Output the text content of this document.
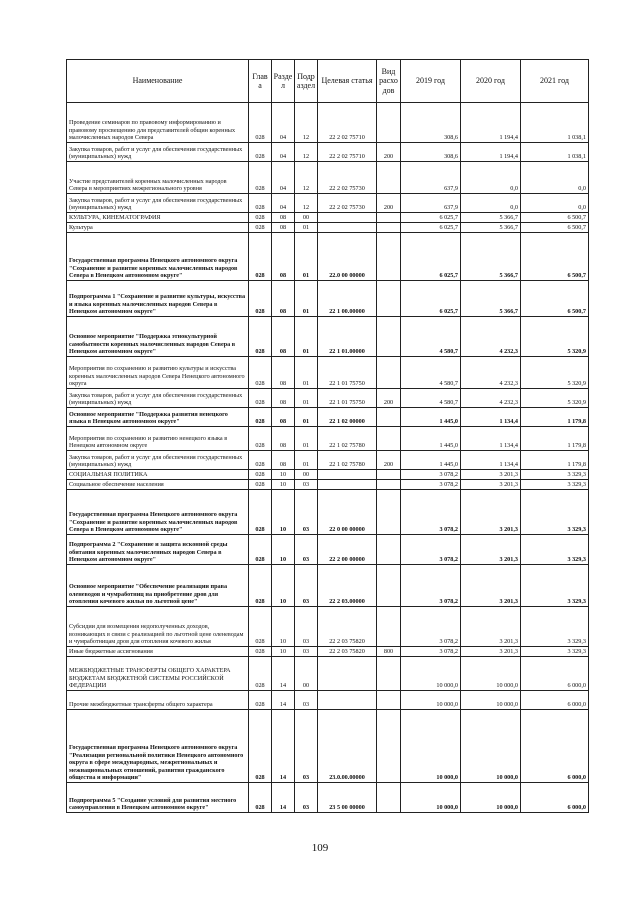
Наименование	Глав а	Разде л	Подр аздел	Целевая статья	Вид расхо дов	2019 год	2020 год	2021 год
Проведение семинаров по правовому информированию и правовому просвещению для представителей общин коренных малочисленных народов Севера	028	04	12	22 2 02 75710		308,6	1 194,4	1 038,1
Закупка товаров, работ и услуг для обеспечения государственных (муниципальных) нужд	028	04	12	22 2 02 75710	200	308,6	1 194,4	1 038,1
Участие представителей коренных малочисленных народов Севера в мероприятиях межрегионального уровня	028	04	12	22 2 02 75730		637,9	0,0	0,0
Закупка товаров, работ и услуг для обеспечения государственных (муниципальных) нужд	028	04	12	22 2 02 75730	200	637,9	0,0	0,0
КУЛЬТУРА, КИНЕМАТОГРАФИЯ	028	08	00			6 025,7	5 366,7	6 500,7
Культура	028	08	01			6 025,7	5 366,7	6 500,7
Государственная программа Ненецкого автономного округа "Сохранение и развитие коренных малочисленных народов Севера в Ненецком автономном округе"	028	08	01	22.0 00 00000		6 025,7	5 366,7	6 500,7
Подпрограмма 1 "Сохранение и развитие культуры, искусства и языка коренных малочисленных народов Севера в Ненецком автономном округе"	028	08	01	22 1 00.00000		6 025,7	5 366,7	6 500,7
Основное мероприятие "Поддержка этнокультурной самобытности коренных малочисленных народов Севера в Ненецком автономном округе"	028	08	01	22 1 01.00000		4 580,7	4 232,3	5 320,9
Мероприятия по сохранению и развитию культуры и искусства коренных малочисленных народов Севера Ненецкого автономного округа	028	08	01	22 1 01 75750		4 580,7	4 232,3	5 320,9
Закупка товаров, работ и услуг для обеспечения государственных (муниципальных) нужд	028	08	01	22 1 01 75750	200	4 580,7	4 232,3	5 320,9
Основное мероприятие "Поддержка развития ненецкого языка в Ненецком автономном округе"	028	08	01	22 1 02 00000		1 445,0	1 134,4	1 179,8
Мероприятия по сохранению и развитию ненецкого языка в Ненецком автономном округе	028	08	01	22 1 02 75780		1 445,0	1 134,4	1 179,8
Закупка товаров, работ и услуг для обеспечения государственных (муниципальных) нужд	028	08	01	22 1 02 75780	200	1 445,0	1 134,4	1 179,8
СОЦИАЛЬНАЯ ПОЛИТИКА	028	10	00			3 078,2	3 201,3	3 329,3
Социальное обеспечение населения	028	10	03			3 078,2	3 201,3	3 329,3
Государственная программа Ненецкого автономного округа "Сохранение и развитие коренных малочисленных народов Севера в Ненецком автономном округе"	028	10	03	22 0 00 00000		3 078,2	3 201,3	3 329,3
Подпрограмма 2 "Сохранение и защита исконной среды обитания коренных малочисленных народов Севера в Ненецком автономном округе"	028	10	03	22 2 00 00000		3 078,2	3 201,3	3 329,3
Основное мероприятие "Обеспечение реализации права оленеводов и чумработниц на приобретение дров для отопления кочевого жилья по льготной цене"	028	10	03	22 2 03.00000		3 078,2	3 201,3	3 329,3
Субсидии для возмещения недополученных доходов, возникающих в связи с реализацией по льготной цене оленеводам и чумработницам дров для отопления кочевого жилья	028	10	03	22 2 03 75820		3 078,2	3 201,3	3 329,3
Иные бюджетные ассигнования	028	10	03	22 2 03 75820	800	3 078,2	3 201,3	3 329,3
МЕЖБЮДЖЕТНЫЕ ТРАНСФЕРТЫ ОБЩЕГО ХАРАКТЕРА БЮДЖЕТАМ БЮДЖЕТНОЙ СИСТЕМЫ РОССИЙСКОЙ ФЕДЕРАЦИИ	028	14	00			10 000,0	10 000,0	6 000,0
Прочие межбюджетные трансферты общего характера	028	14	03			10 000,0	10 000,0	6 000,0
Государственная программа Ненецкого автономного округа "Реализация региональной политики Ненецкого автономного округа в сфере международных, межрегиональных и межнациональных отношений, развития гражданского общества и информации"	028	14	03	23.0.00.00000		10 000,0	10 000,0	6 000,0
Подпрограмма 5 "Создание условий для развития местного самоуправления в Ненецком автономном округе"	028	14	03	23 5 00 00000		10 000,0	10 000,0	6 000,0
109
